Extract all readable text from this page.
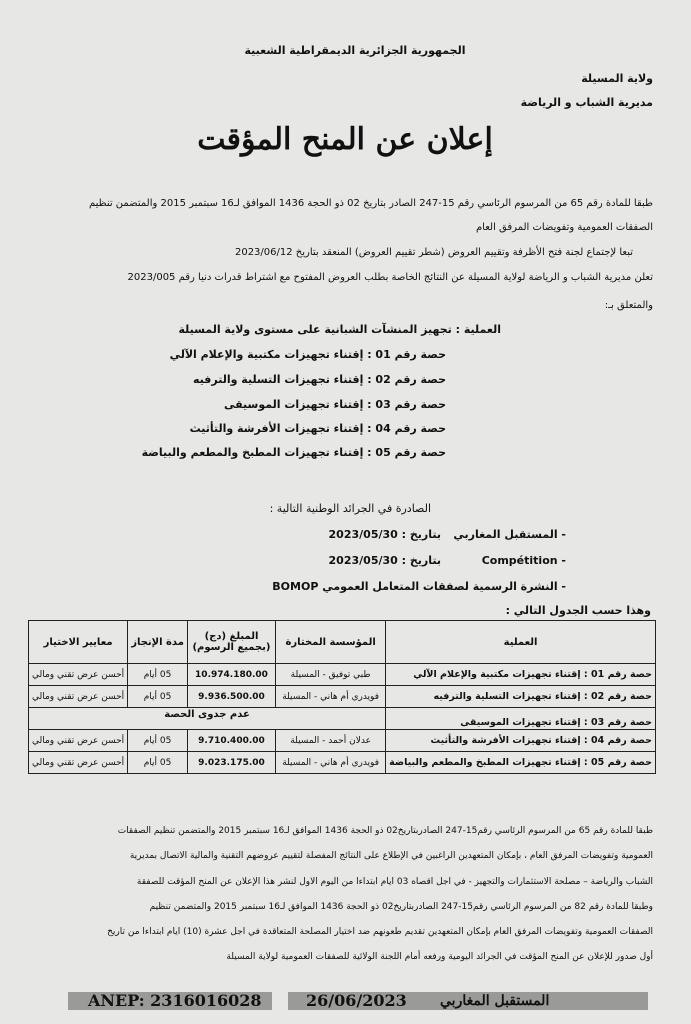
الجمهورية الجزائرية الديمقراطية الشعبية
ولاية المسيلة
مديرية الشباب و الرياضة
إعلان عن المنح المؤقت
طبقا للمادة رقم 65 من المرسوم الرئاسي رقم 15-247 الصادر بتاريخ 02 ذو الحجة 1436 الموافق لـ16 سبتمبر 2015 والمتضمن تنظيم
الصفقات العمومية وتفويضات المرفق العام
تبعا لإجتماع لجنة فتح الأظرفة وتقييم العروض (شطر تقييم العروض) المنعقد بتاريخ 2023/06/12
تعلن مديرية الشباب و الرياضة لولاية المسيلة عن النتائج الخاصة بطلب العروض المفتوح مع اشتراط قدرات دنيا رقم 2023/005
والمتعلق بـ:
العملية : تجهيز المنشآت الشبانية على مستوى ولاية المسيلة
حصة رقم 01 : إقتناء تجهيزات مكتبية والإعلام الآلي
حصة رقم 02 : إقتناء تجهيزات التسلية والترفيه
حصة رقم 03 : إقتناء تجهيزات الموسيقى
حصة رقم 04 : إقتناء تجهيزات الأفرشة والتأثيث
حصة رقم 05 : إقتناء تجهيزات المطبخ والمطعم والبياضة
الصادرة في الجرائد الوطنية التالية :
- المستقبل المغاربي
بتاريخ : 2023/05/30
- Compétition
بتاريخ : 2023/05/30
- النشرة الرسمية لصفقات المتعامل العمومي BOMOP
وهذا حسب الجدول التالي :
العملية	المؤسسة المختارة	المبلغ (دج)
(بجميع الرسوم)	مدة الإنجاز	معايير الاختيار
حصة رقم 01 : إقتناء تجهيزات مكتبية والإعلام الآلي	طبي توفيق - المسيلة	10.974.180.00	05 أيام	أحسن عرض تقني ومالي
حصة رقم 02 : إقتناء تجهيزات التسلية والترفيه	فويدري أم هاني - المسيلة	9.936.500.00	05 أيام	أحسن عرض تقني ومالي
حصة رقم 03 : إقتناء تجهيزات الموسيقى	عدم جدوى الحصة			
حصة رقم 04 : إقتناء تجهيزات الأفرشة والتأثيث	عدلان أحمد - المسيلة	9.710.400.00	05 أيام	أحسن عرض تقني ومالي
حصة رقم 05 : إقتناء تجهيزات المطبخ والمطعم والبياضة	فويدري أم هاني - المسيلة	9.023.175.00	05 أيام	أحسن عرض تقني ومالي
طبقا للمادة رقم 65 من المرسوم الرئاسي رقم15-247 الصادربتاريخ02 ذو الحجة 1436 الموافق لـ16 سبتمبر 2015 والمتضمن تنظيم الصفقات
العمومية وتفويضات المرفق العام ، بإمكان المتعهدين الراغبين في الإطلاع على النتائج المفصلة لتقييم عروضهم التقنية والمالية الاتصال بمديرية
الشباب والرياضة – مصلحة الاستثمارات والتجهيز - في اجل أقصاه 03 أيام ابتداءا من اليوم الأول لنشر هذا الإعلان عن المنح المؤقت للصفقة
وطبقا للمادة رقم 82 من المرسوم الرئاسي رقم15-247 الصادربتاريخ02 ذو الحجة 1436 الموافق لـ16 سبتمبر 2015 والمتضمن تنظيم
الصفقات العمومية وتفويضات المرفق العام بإمكان المتعهدين تقديم طعونهم ضد اختيار المصلحة المتعاقدة في أجل عشرة (10) أيام ابتداءا من تاريخ
أول صدور للإعلان عن المنح المؤقت في الجرائد اليومية ورفعه أمام اللجنة الولائية للصفقات العمومية لولاية المسيلة
ANEP: 2316016028	26/06/2023 المستقبل المغاربي
